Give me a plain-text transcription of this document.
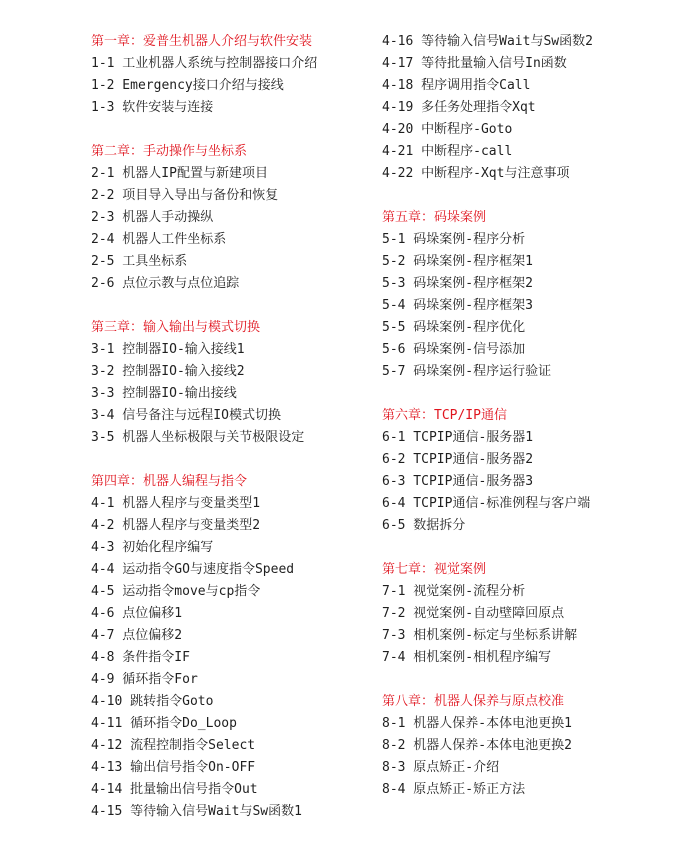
第一章：爱普生机器人介绍与软件安装
1-1 工业机器人系统与控制器接口介绍
1-2 Emergency接口介绍与接线
1-3 软件安装与连接
第二章：手动操作与坐标系
2-1 机器人IP配置与新建项目
2-2 项目导入导出与备份和恢复
2-3 机器人手动操纵
2-4 机器人工件坐标系
2-5 工具坐标系
2-6 点位示教与点位追踪
第三章：输入输出与模式切换
3-1 控制器IO-输入接线1
3-2 控制器IO-输入接线2
3-3 控制器IO-输出接线
3-4 信号备注与远程IO模式切换
3-5 机器人坐标极限与关节极限设定
第四章：机器人编程与指令
4-1 机器人程序与变量类型1
4-2 机器人程序与变量类型2
4-3 初始化程序编写
4-4 运动指令GO与速度指令Speed
4-5 运动指令move与cp指令
4-6 点位偏移1
4-7 点位偏移2
4-8 条件指令IF
4-9 循环指令For
4-10 跳转指令Goto
4-11 循环指令Do_Loop
4-12 流程控制指令Select
4-13 输出信号指令On-OFF
4-14 批量输出信号指令Out
4-15 等待输入信号Wait与Sw函数1
4-16 等待输入信号Wait与Sw函数2
4-17 等待批量输入信号In函数
4-18 程序调用指令Call
4-19 多任务处理指令Xqt
4-20 中断程序-Goto
4-21 中断程序-call
4-22 中断程序-Xqt与注意事项
第五章：码垛案例
5-1 码垛案例-程序分析
5-2 码垛案例-程序框架1
5-3 码垛案例-程序框架2
5-4 码垛案例-程序框架3
5-5 码垛案例-程序优化
5-6 码垛案例-信号添加
5-7 码垛案例-程序运行验证
第六章：TCP/IP通信
6-1 TCPIP通信-服务器1
6-2 TCPIP通信-服务器2
6-3 TCPIP通信-服务器3
6-4 TCPIP通信-标准例程与客户端
6-5 数据拆分
第七章：视觉案例
7-1 视觉案例-流程分析
7-2 视觉案例-自动壁障回原点
7-3 相机案例-标定与坐标系讲解
7-4 相机案例-相机程序编写
第八章：机器人保养与原点校准
8-1 机器人保养-本体电池更换1
8-2 机器人保养-本体电池更换2
8-3 原点矫正-介绍
8-4 原点矫正-矫正方法
